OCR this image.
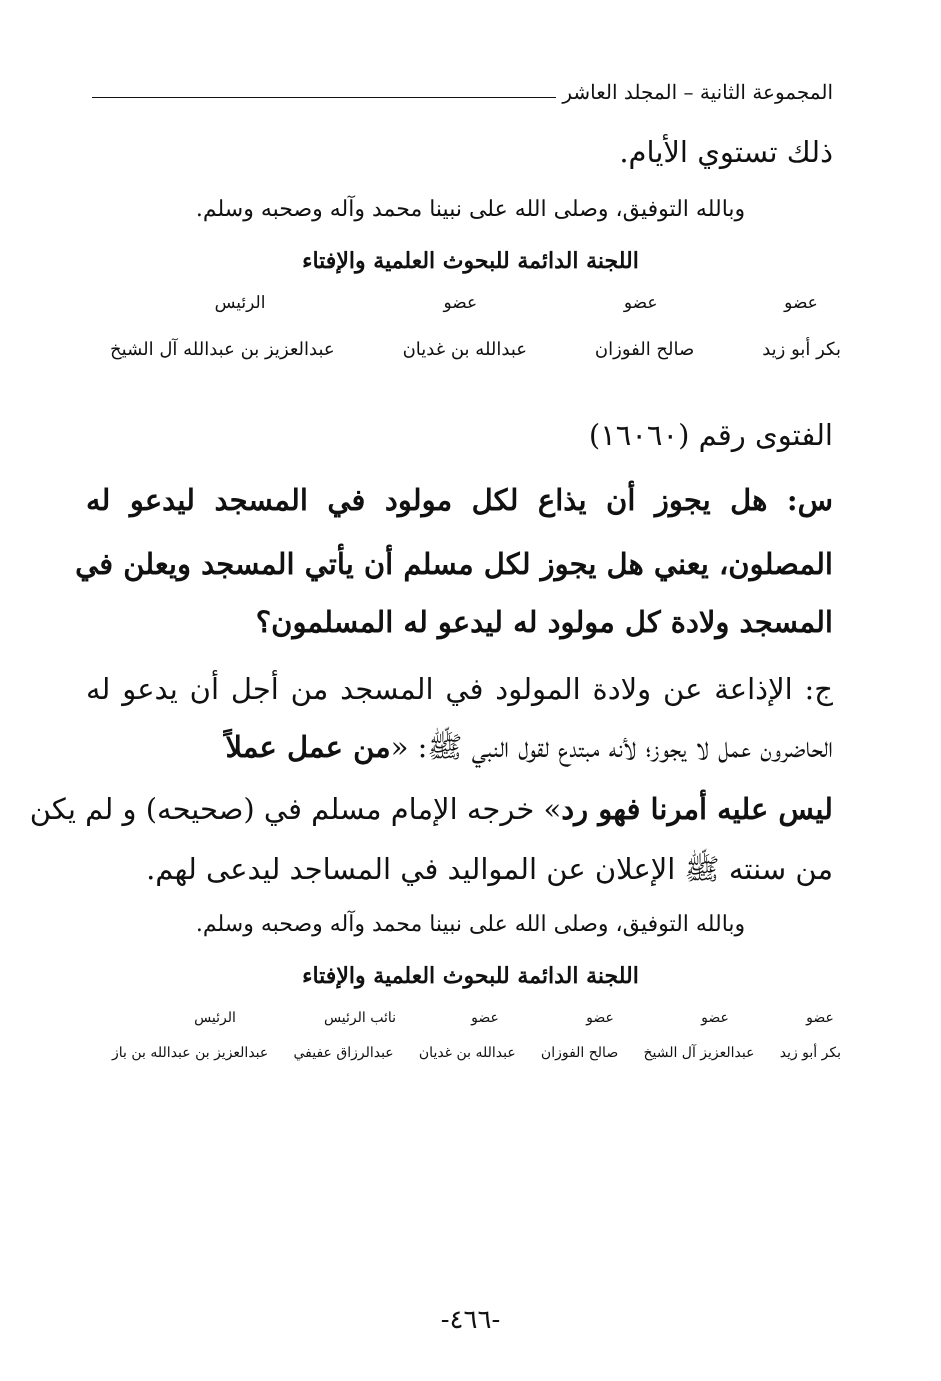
المجموعة الثانية – المجلد العاشر
ذلك تستوي الأيام.
وبالله التوفيق، وصلى الله على نبينا محمد وآله وصحبه وسلم.
اللجنة الدائمة للبحوث العلمية والإفتاء
عضو
عضو
عضو
الرئيس
بكر أبو زيد
صالح الفوزان
عبدالله بن غديان
عبدالعزيز بن عبدالله آل الشيخ
الفتوى رقم (١٦٠٦٠)
س: هل يجوز أن يذاع لكل مولود في المسجد ليدعو له
المصلون، يعني هل يجوز لكل مسلم أن يأتي المسجد ويعلن في
المسجد ولادة كل مولود له ليدعو له المسلمون؟
ج: الإذاعة عن ولادة المولود في المسجد من أجل أن يدعو له
الحاضرون عمل لا يجوز؛ لأنه مبتدع لقول النبي ﷺ: «من عمل عملاً
ليس عليه أمرنا فهو رد» خرجه الإمام مسلم في (صحيحه) و لم يكن
من سنته ﷺ الإعلان عن المواليد في المساجد ليدعى لهم.
وبالله التوفيق، وصلى الله على نبينا محمد وآله وصحبه وسلم.
اللجنة الدائمة للبحوث العلمية والإفتاء
عضو
عضو
عضو
عضو
نائب الرئيس
الرئيس
بكر أبو زيد
عبدالعزيز آل الشيخ
صالح الفوزان
عبدالله بن غديان
عبدالرزاق عفيفي
عبدالعزيز بن عبدالله بن باز
-٤٦٦-
